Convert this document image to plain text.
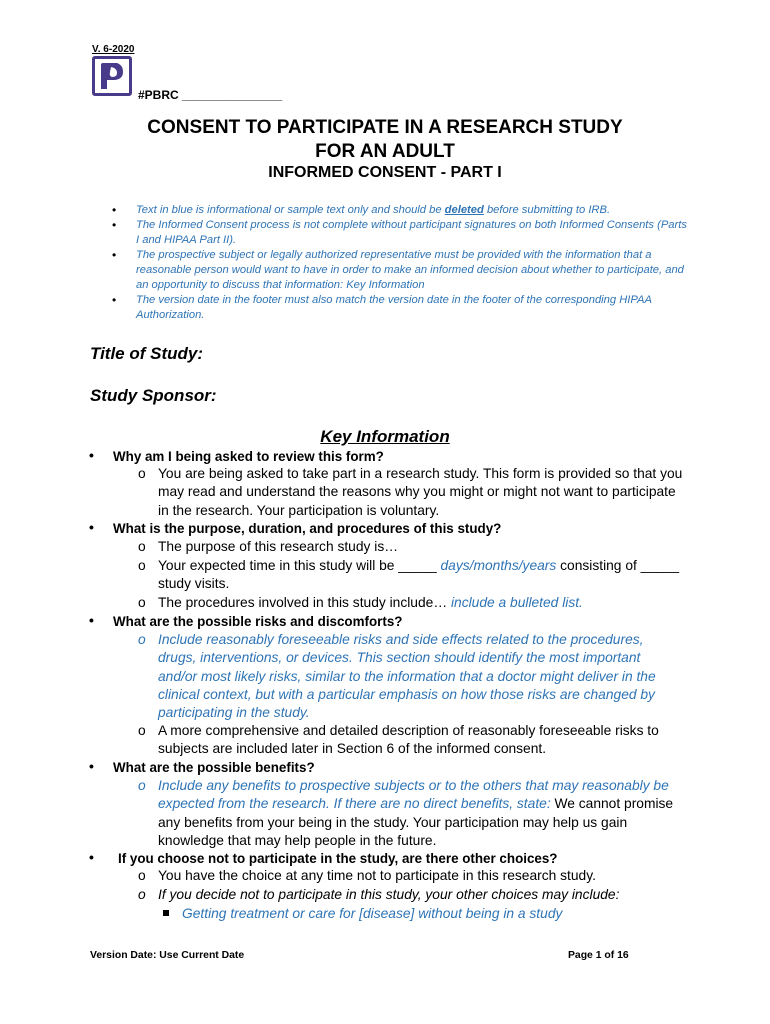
V. 6-2020
#PBRC _______________
CONSENT TO PARTICIPATE IN A RESEARCH STUDY
FOR AN ADULT
INFORMED CONSENT - PART I
• Text in blue is informational or sample text only and should be deleted before submitting to IRB.
• The Informed Consent process is not complete without participant signatures on both Informed Consents (Parts I and HIPAA Part II).
• The prospective subject or legally authorized representative must be provided with the information that a reasonable person would want to have in order to make an informed decision about whether to participate, and an opportunity to discuss that information: Key Information
• The version date in the footer must also match the version date in the footer of the corresponding HIPAA Authorization.
Title of Study:
Study Sponsor:
Key Information
• Why am I being asked to review this form?
o You are being asked to take part in a research study. This form is provided so that you may read and understand the reasons why you might or might not want to participate in the research. Your participation is voluntary.
• What is the purpose, duration, and procedures of this study?
o The purpose of this research study is…
o Your expected time in this study will be _____ days/months/years consisting of _____ study visits.
o The procedures involved in this study include… include a bulleted list.
• What are the possible risks and discomforts?
o Include reasonably foreseeable risks and side effects related to the procedures, drugs, interventions, or devices. This section should identify the most important and/or most likely risks, similar to the information that a doctor might deliver in the clinical context, but with a particular emphasis on how those risks are changed by participating in the study.
o A more comprehensive and detailed description of reasonably foreseeable risks to subjects are included later in Section 6 of the informed consent.
• What are the possible benefits?
o Include any benefits to prospective subjects or to the others that may reasonably be expected from the research. If there are no direct benefits, state: We cannot promise any benefits from your being in the study. Your participation may help us gain knowledge that may help people in the future.
• If you choose not to participate in the study, are there other choices?
o You have the choice at any time not to participate in this research study.
o If you decide not to participate in this study, your other choices may include:
Getting treatment or care for [disease] without being in a study
Version Date: Use Current Date	Page 1 of 16
